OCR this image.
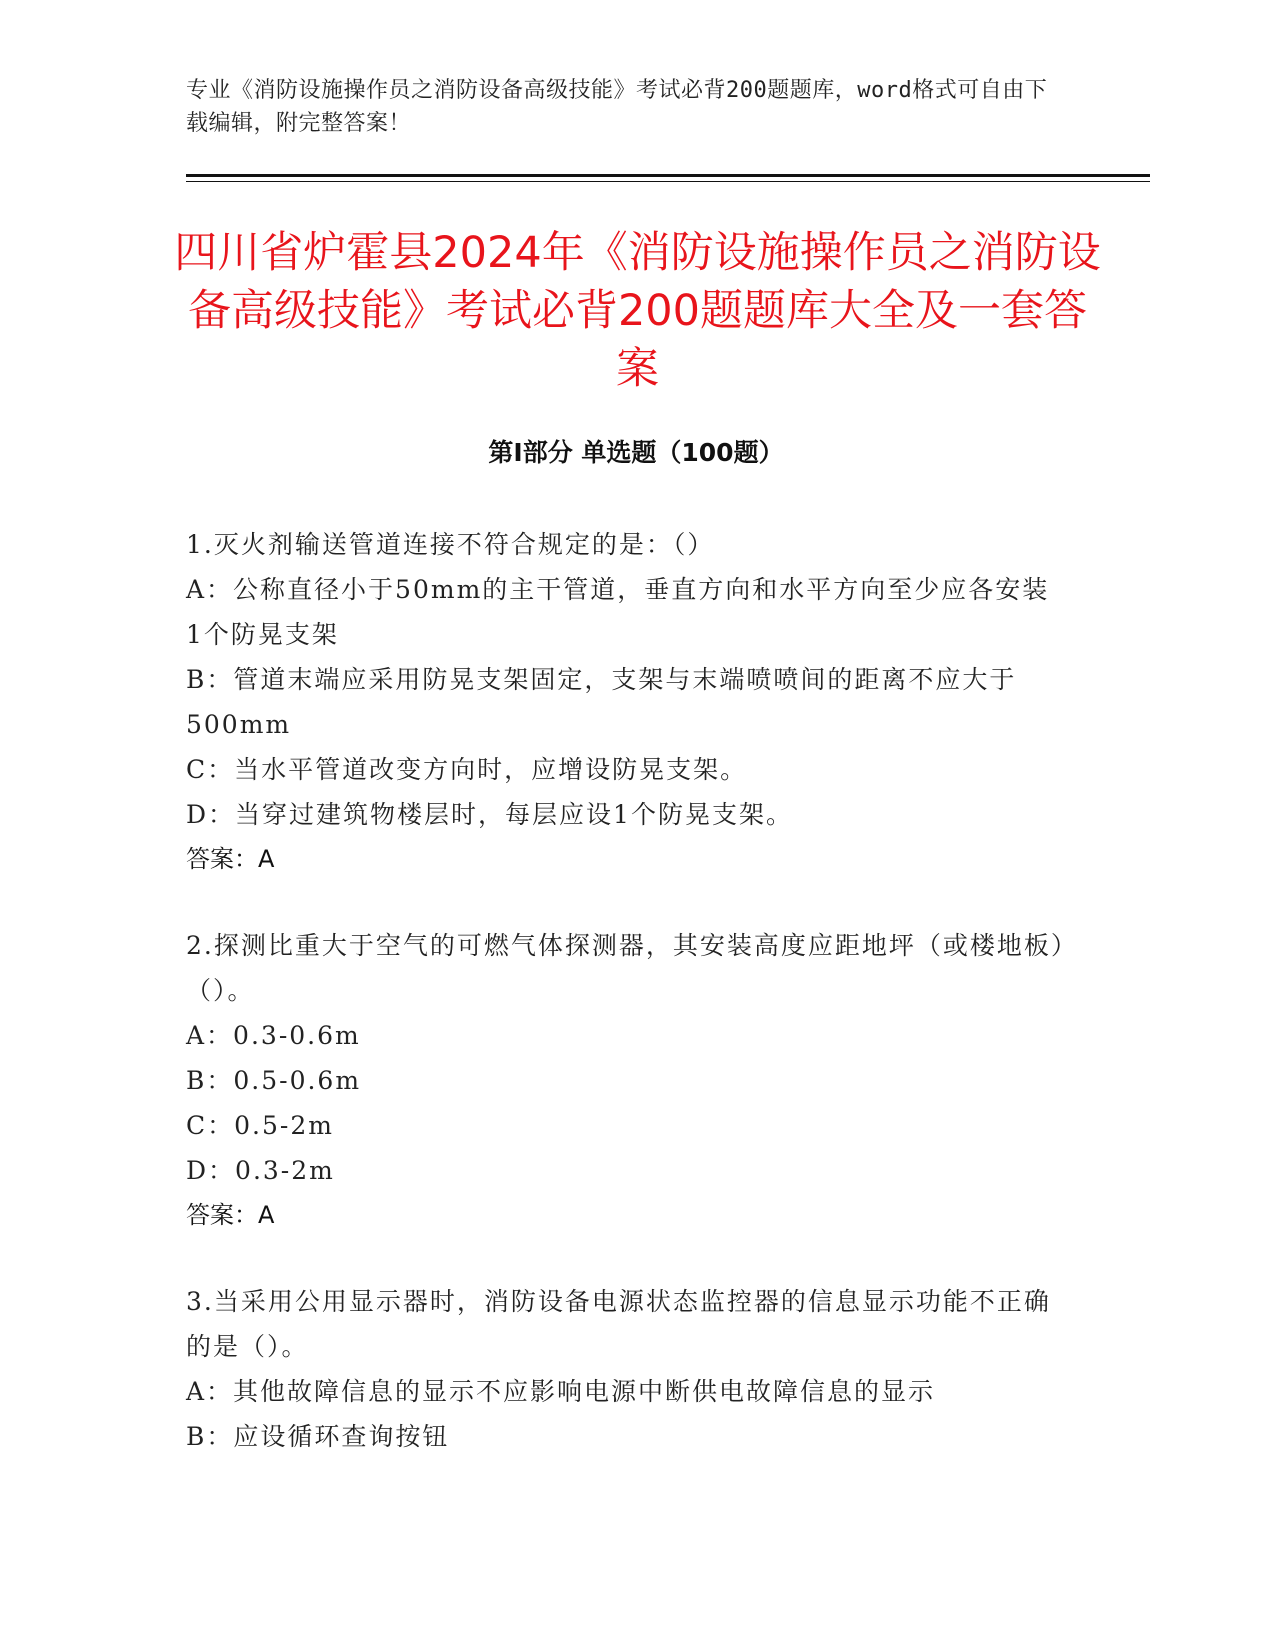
专业《消防设施操作员之消防设备高级技能》考试必背200题题库，word格式可自由下载编辑，附完整答案！
四川省炉霍县2024年《消防设施操作员之消防设备高级技能》考试必背200题题库大全及一套答案
第I部分 单选题（100题）
1.灭火剂输送管道连接不符合规定的是：（）
A：公称直径小于50mm的主干管道，垂直方向和水平方向至少应各安装1个防晃支架
B：管道末端应采用防晃支架固定，支架与末端喷喷间的距离不应大于500mm
C：当水平管道改变方向时，应增设防晃支架。
D：当穿过建筑物楼层时，每层应设1个防晃支架。
答案：A
2.探测比重大于空气的可燃气体探测器，其安装高度应距地坪（或楼地板）（）。
A：0.3-0.6m
B：0.5-0.6m
C：0.5-2m
D：0.3-2m
答案：A
3.当采用公用显示器时，消防设备电源状态监控器的信息显示功能不正确的是（）。
A：其他故障信息的显示不应影响电源中断供电故障信息的显示
B：应设循环查询按钮
